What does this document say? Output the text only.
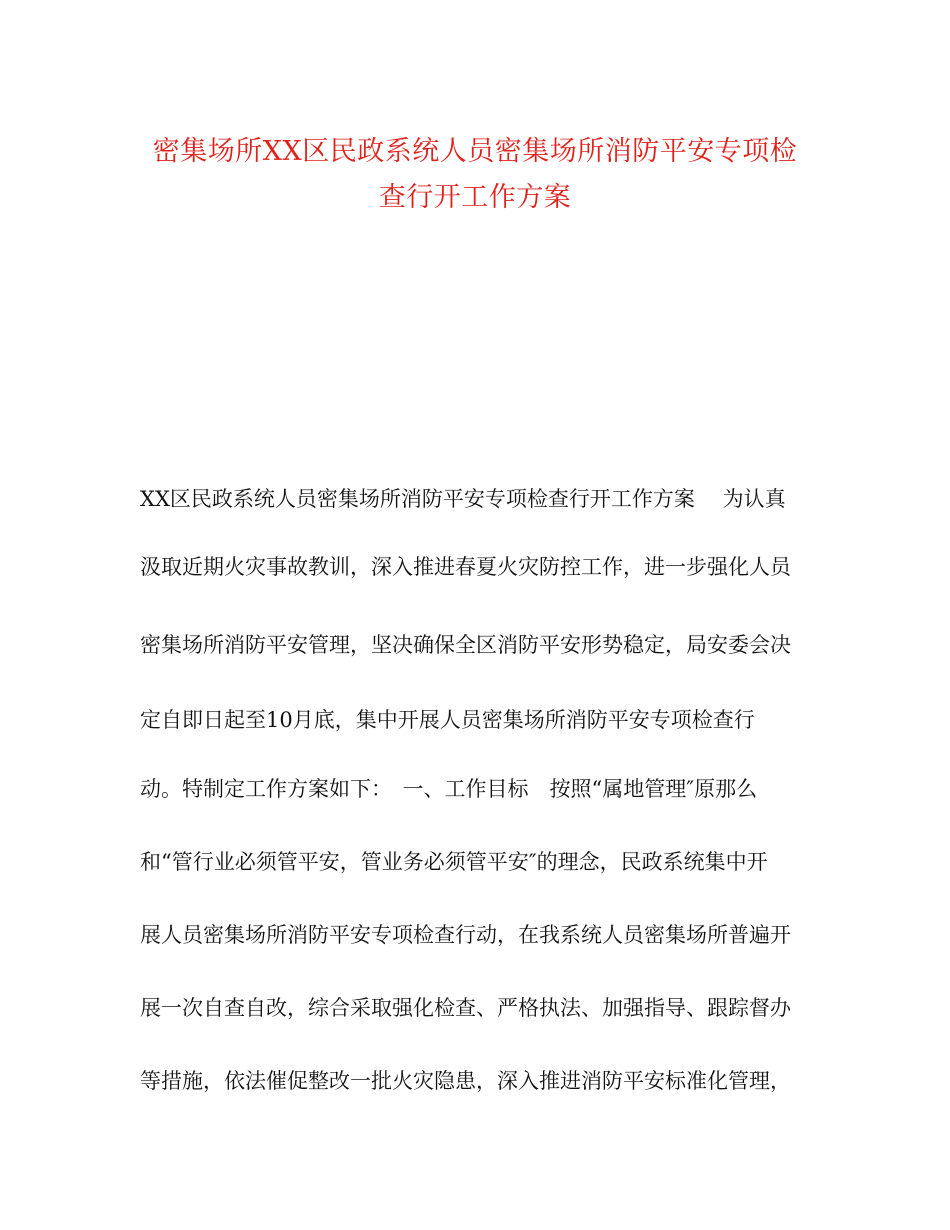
密集场所XX区民政系统人员密集场所消防平安专项检
查行开工作方案

XX区民政系统人员密集场所消防平安专项检查行开工作方案　 为认真

汲取近期火灾事故教训，深入推进春夏火灾防控工作，进一步强化人员

密集场所消防平安管理，坚决确保全区消防平安形势稳定，局安委会决

定自即日起至10月底，集中开展人员密集场所消防平安专项检查行

动。特制定工作方案如下：　一、工作目标　按照“属地管理″原那么

和“管行业必须管平安，管业务必须管平安″的理念，民政系统集中开

展人员密集场所消防平安专项检查行动，在我系统人员密集场所普遍开

展一次自查自改，综合采取强化检查、严格执法、加强指导、跟踪督办

等措施，依法催促整改一批火灾隐患，深入推进消防平安标准化管理，
